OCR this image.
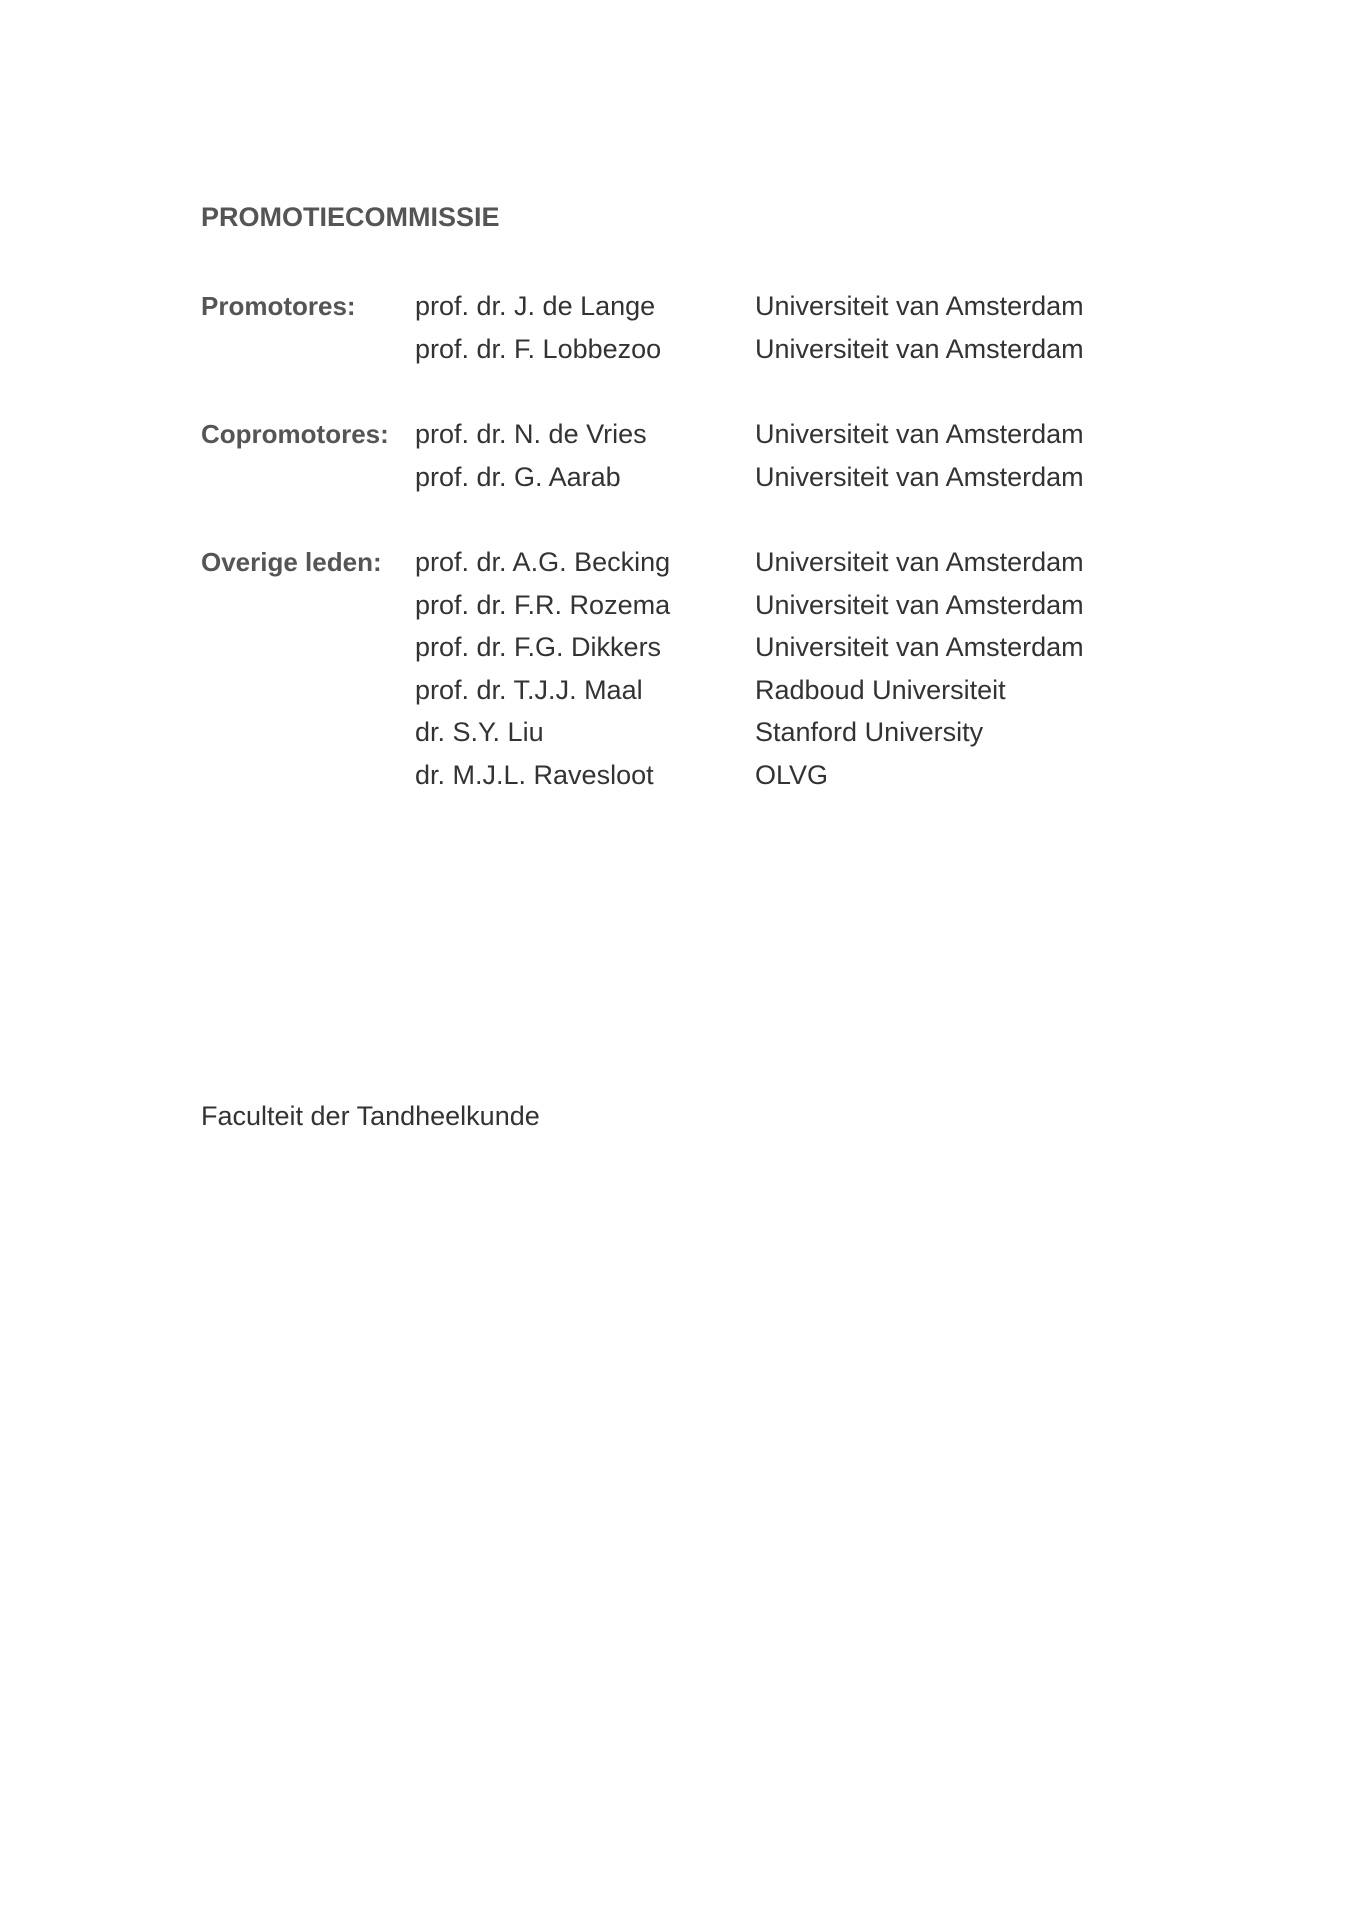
PROMOTIECOMMISSIE
Promotores:	prof. dr. J. de Lange	Universiteit van Amsterdam
prof. dr. F. Lobbezoo	Universiteit van Amsterdam
Copromotores: prof. dr. N. de Vries	Universiteit van Amsterdam
prof. dr. G. Aarab	Universiteit van Amsterdam
Overige leden:	prof. dr. A.G. Becking	Universiteit van Amsterdam
prof. dr. F.R. Rozema	Universiteit van Amsterdam
prof. dr. F.G. Dikkers	Universiteit van Amsterdam
prof. dr. T.J.J. Maal	Radboud Universiteit
dr. S.Y. Liu	Stanford University
dr. M.J.L. Ravesloot	OLVG

Faculteit der Tandheelkunde
